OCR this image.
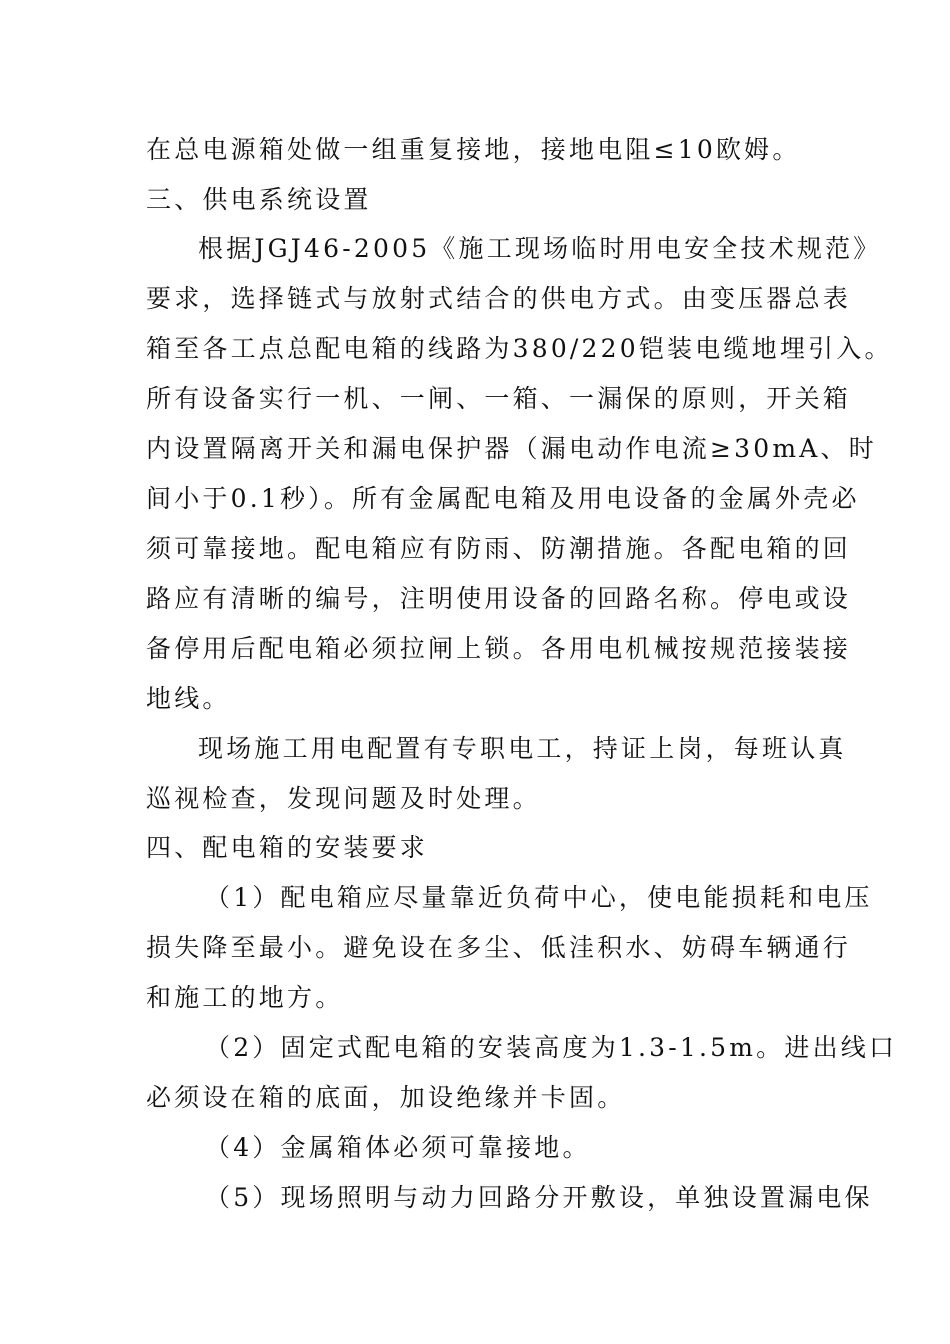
在总电源箱处做一组重复接地，接地电阻≤10欧姆。
三、供电系统设置
根据JGJ46-2005《施工现场临时用电安全技术规范》
要求，选择链式与放射式结合的供电方式。由变压器总表
箱至各工点总配电箱的线路为380/220铠装电缆地埋引入。
所有设备实行一机、一闸、一箱、一漏保的原则，开关箱
内设置隔离开关和漏电保护器（漏电动作电流≥30mA、时
间小于0.1秒）。所有金属配电箱及用电设备的金属外壳必
须可靠接地。配电箱应有防雨、防潮措施。各配电箱的回
路应有清晰的编号，注明使用设备的回路名称。停电或设
备停用后配电箱必须拉闸上锁。各用电机械按规范接装接
地线。
现场施工用电配置有专职电工，持证上岗，每班认真
巡视检查，发现问题及时处理。
四、配电箱的安装要求
（1）配电箱应尽量靠近负荷中心，使电能损耗和电压
损失降至最小。避免设在多尘、低洼积水、妨碍车辆通行
和施工的地方。
（2）固定式配电箱的安装高度为1.3-1.5m。进出线口
必须设在箱的底面，加设绝缘并卡固。
（4）金属箱体必须可靠接地。
（5）现场照明与动力回路分开敷设，单独设置漏电保
